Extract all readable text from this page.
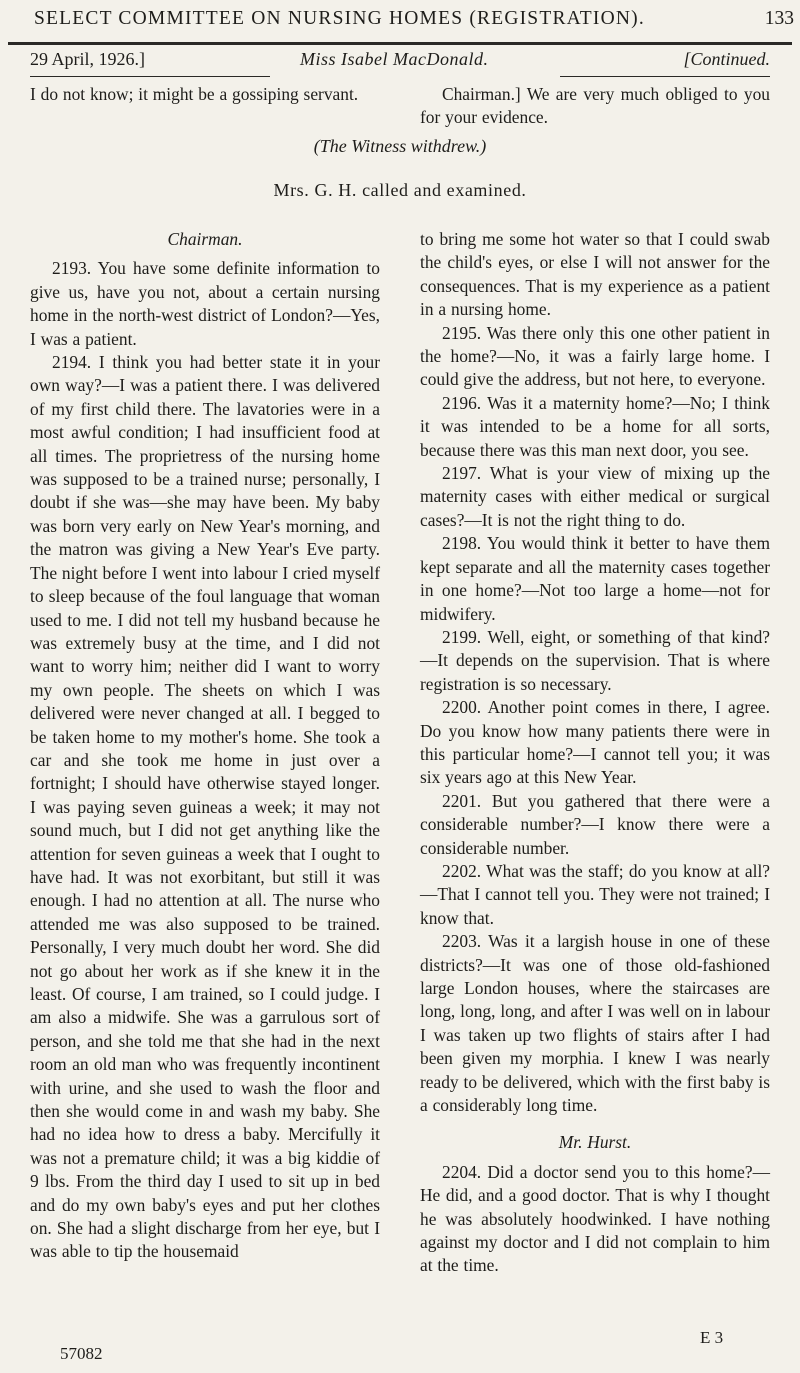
SELECT COMMITTEE ON NURSING HOMES (REGISTRATION).	133
29 April, 1926.]	Miss Isabel MacDonald.	[Continued.

I do not know; it might be a gossiping servant.	Chairman.] We are very much obliged to you for your evidence.

(The Witness withdrew.)
Mrs. G. H. called and examined.

Chairman.

2193. You have some definite information to give us, have you not, about a certain nursing home in the north-west district of London?—Yes, I was a patient.

2194. I think you had better state it in your own way?—I was a patient there. I was delivered of my first child there. The lavatories were in a most awful condition; I had insufficient food at all times. The proprietress of the nursing home was supposed to be a trained nurse; personally, I doubt if she was—she may have been. My baby was born very early on New Year's morning, and the matron was giving a New Year's Eve party. The night before I went into labour I cried myself to sleep because of the foul language that woman used to me. I did not tell my husband because he was extremely busy at the time, and I did not want to worry him; neither did I want to worry my own people. The sheets on which I was delivered were never changed at all. I begged to be taken home to my mother's home. She took a car and she took me home in just over a fortnight; I should have otherwise stayed longer. I was paying seven guineas a week; it may not sound much, but I did not get anything like the attention for seven guineas a week that I ought to have had. It was not exorbitant, but still it was enough. I had no attention at all. The nurse who attended me was also supposed to be trained. Personally, I very much doubt her word. She did not go about her work as if she knew it in the least. Of course, I am trained, so I could judge. I am also a midwife. She was a garrulous sort of person, and she told me that she had in the next room an old man who was frequently incontinent with urine, and she used to wash the floor and then she would come in and wash my baby. She had no idea how to dress a baby. Mercifully it was not a premature child; it was a big kiddie of 9 lbs. From the third day I used to sit up in bed and do my own baby's eyes and put her clothes on. She had a slight discharge from her eye, but I was able to tip the housemaid

57082

to bring me some hot water so that I could swab the child's eyes, or else I will not answer for the consequences. That is my experience as a patient in a nursing home.

2195. Was there only this one other patient in the home?—No, it was a fairly large home. I could give the address, but not here, to everyone.

2196. Was it a maternity home?—No; I think it was intended to be a home for all sorts, because there was this man next door, you see.

2197. What is your view of mixing up the maternity cases with either medical or surgical cases?—It is not the right thing to do.

2198. You would think it better to have them kept separate and all the maternity cases together in one home?—Not too large a home—not for midwifery.

2199. Well, eight, or something of that kind?—It depends on the supervision. That is where registration is so necessary.

2200. Another point comes in there, I agree. Do you know how many patients there were in this particular home?—I cannot tell you; it was six years ago at this New Year.

2201. But you gathered that there were a considerable number?—I know there were a considerable number.

2202. What was the staff; do you know at all?—That I cannot tell you. They were not trained; I know that.

2203. Was it a largish house in one of these districts?—It was one of those old-fashioned large London houses, where the staircases are long, long, long, and after I was well on in labour I was taken up two flights of stairs after I had been given my morphia. I knew I was nearly ready to be delivered, which with the first baby is a considerably long time.

Mr. Hurst.

2204. Did a doctor send you to this home?—He did, and a good doctor. That is why I thought he was absolutely hoodwinked. I have nothing against my doctor and I did not complain to him at the time.

E 3
